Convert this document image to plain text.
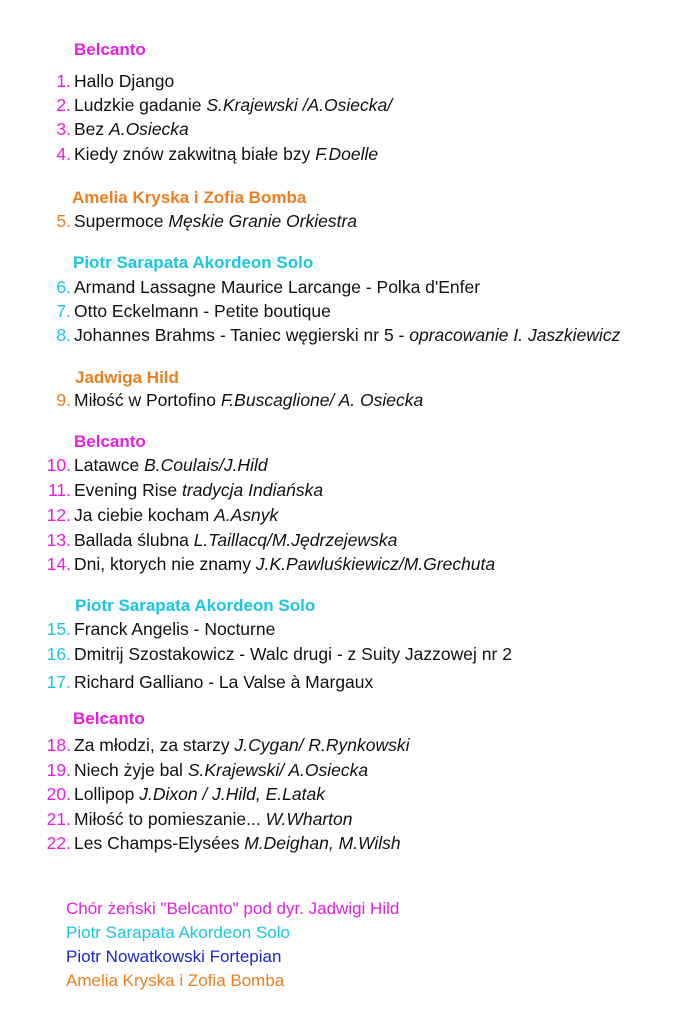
Belcanto
1. Hallo Django
2. Ludzkie gadanie S.Krajewski /A.Osiecka/
3. Bez A.Osiecka
4. Kiedy znów zakwitną białe bzy F.Doelle
Amelia Kryska i Zofia Bomba
5. Supermoce Męskie Granie Orkiestra
Piotr Sarapata Akordeon Solo
6. Armand Lassagne Maurice Larcange - Polka d'Enfer
7. Otto Eckelmann - Petite boutique
8. Johannes Brahms - Taniec węgierski nr 5 - opracowanie I. Jaszkiewicz
Jadwiga Hild
9. Miłość w Portofino F.Buscaglione/ A. Osiecka
Belcanto
10. Latawce B.Coulais/J.Hild
11. Evening Rise tradycja Indiańska
12. Ja ciebie kocham A.Asnyk
13. Ballada ślubna L.Taillacq/M.Jędrzejewska
14. Dni, ktorych nie znamy J.K.Pawluśkiewicz/M.Grechuta
Piotr Sarapata Akordeon Solo
15. Franck Angelis - Nocturne
16. Dmitrij Szostakowicz - Walc drugi - z Suity Jazzowej nr 2
17. Richard Galliano - La Valse à Margaux
Belcanto
18. Za młodzi, za starzy J.Cygan/ R.Rynkowski
19. Niech żyje bal S.Krajewski/ A.Osiecka
20. Lollipop J.Dixon / J.Hild, E.Latak
21. Miłość to pomieszanie... W.Wharton
22. Les Champs-Elysées M.Deighan, M.Wilsh
Chór żeński "Belcanto" pod dyr. Jadwigi Hild
Piotr Sarapata Akordeon Solo
Piotr Nowatkowski Fortepian
Amelia Kryska i Zofia Bomba
